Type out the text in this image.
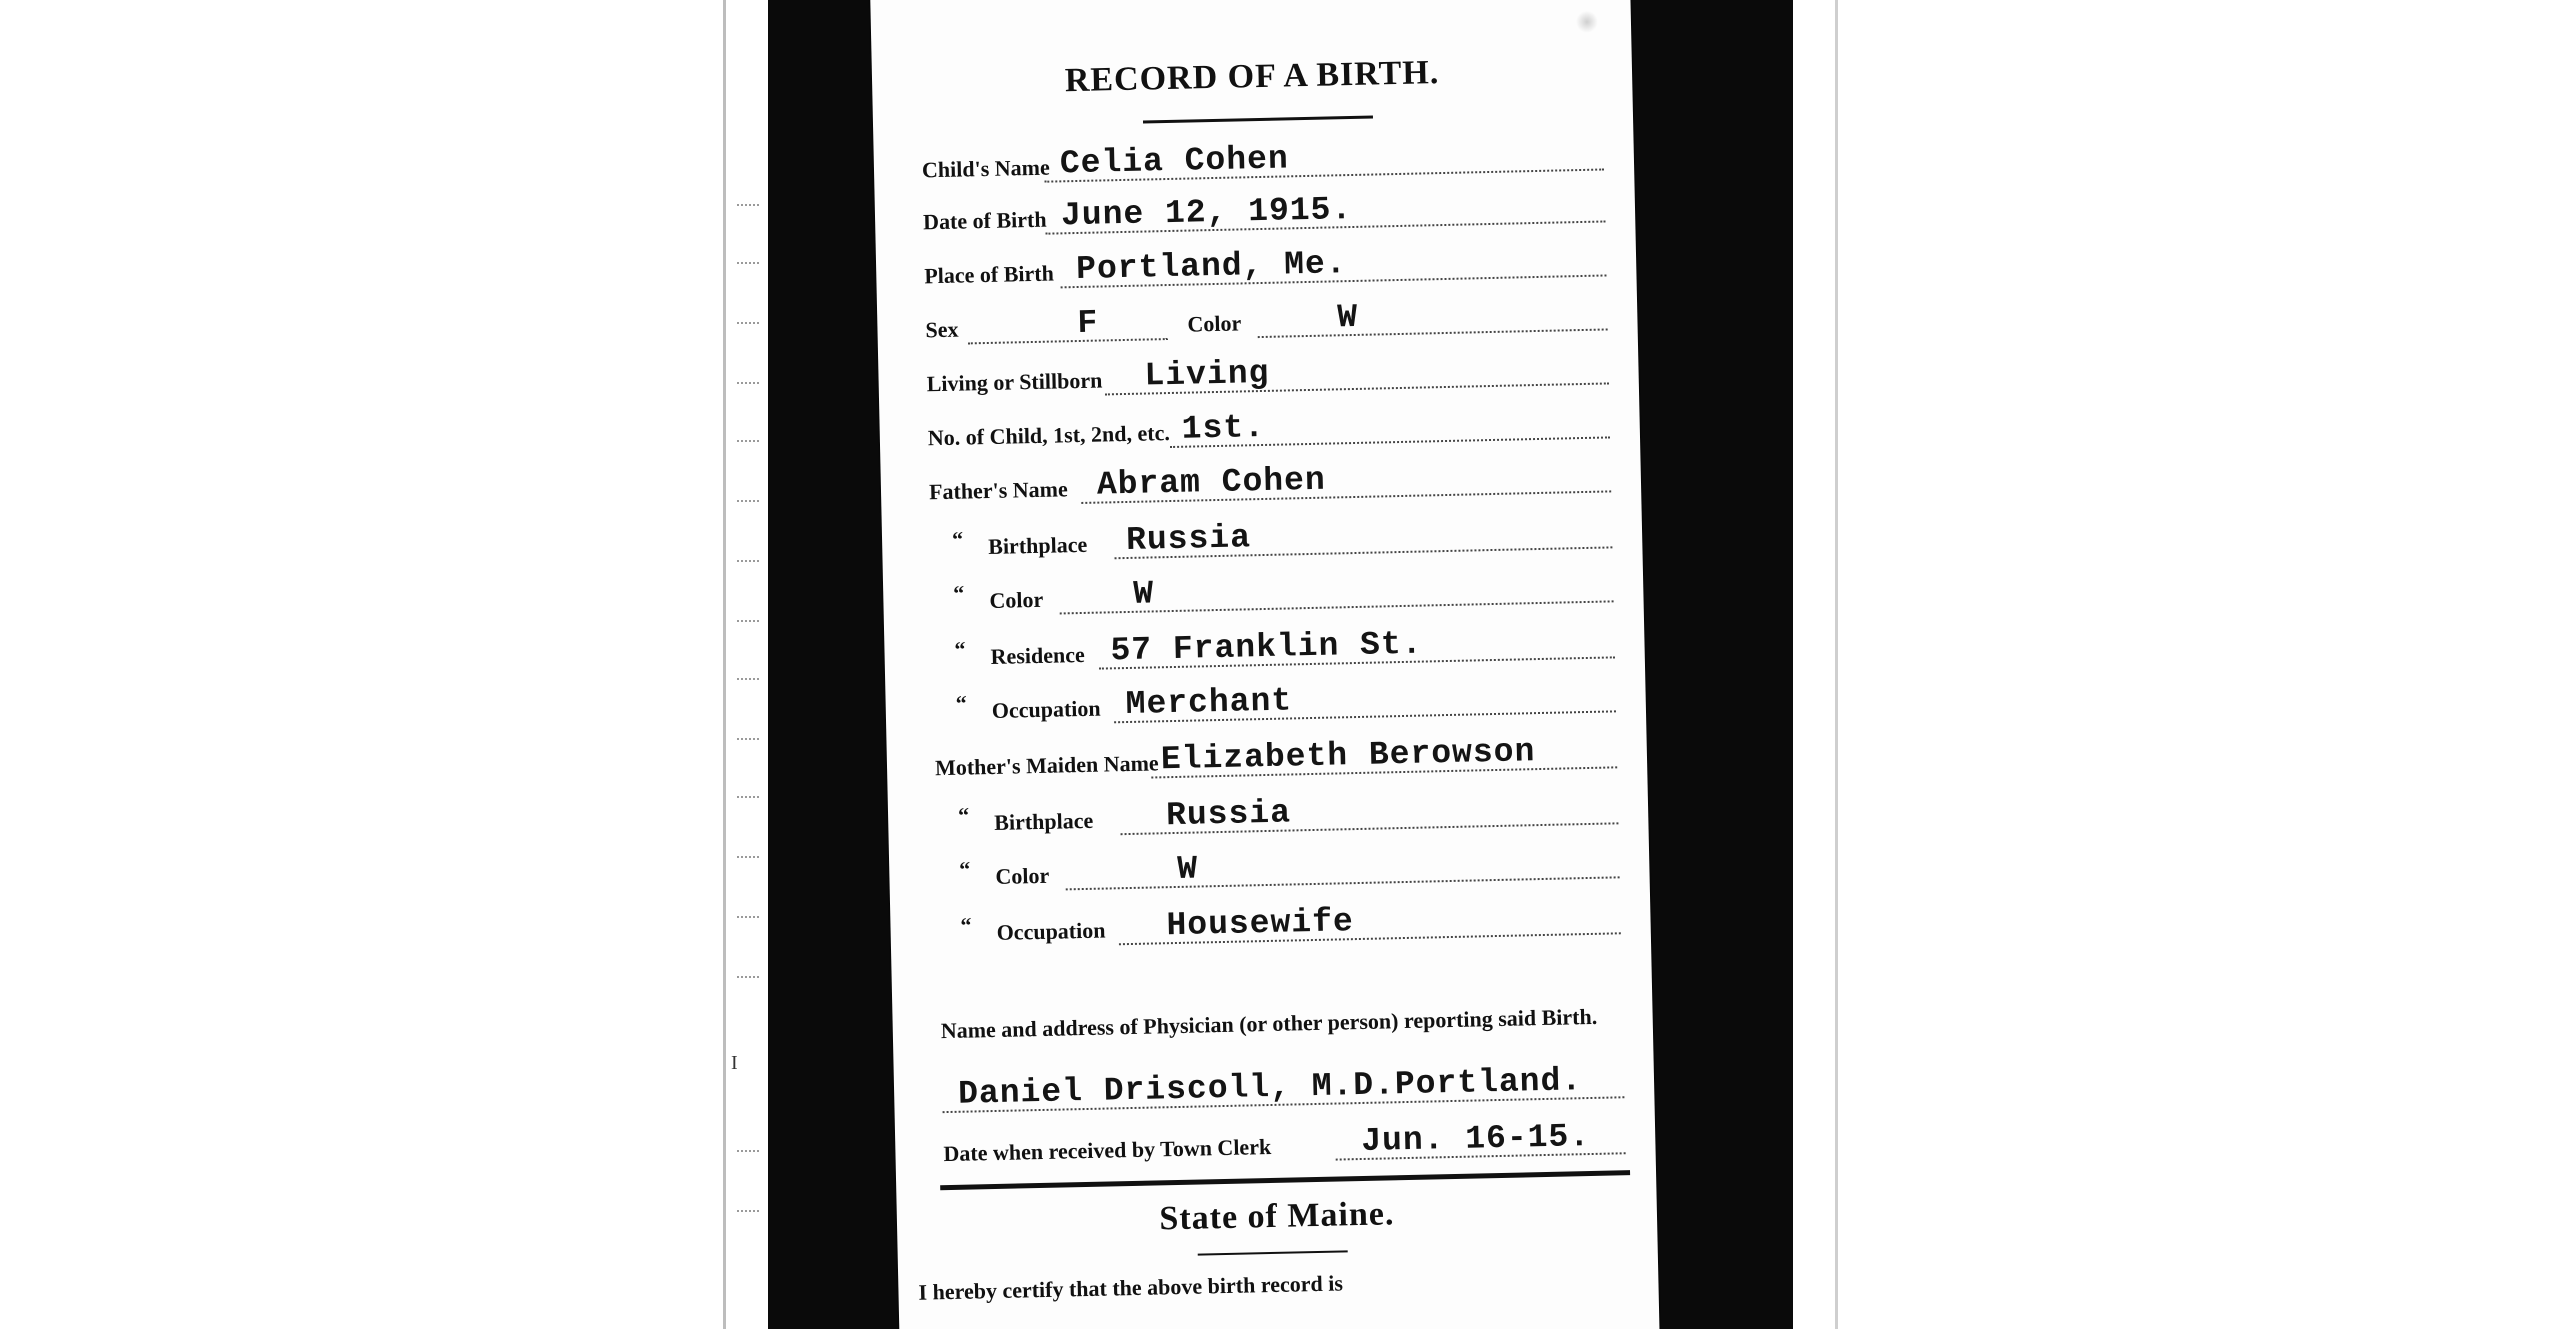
I
RECORD OF A BIRTH.
Child's Name Celia Cohen
Date of Birth June 12, 1915.
Place of Birth Portland, Me.
Sex	F	Color	W
Living or Stillborn Living
No. of Child, 1st, 2nd, etc. 1st.
Father's Name Abram Cohen
“ Birthplace Russia
“ Color	W
“ Residence 57 Franklin St.
“ Occupation Merchant
Mother's Maiden Name Elizabeth Berowson
“ Birthplace Russia
“ Color	W
“ Occupation Housewife
Name and address of Physician (or other person) reporting said Birth.
Daniel Driscoll, M.D.Portland.
Date when received by Town Clerk	Jun. 16-15.
State of Maine.
I hereby certify that the above birth record is
